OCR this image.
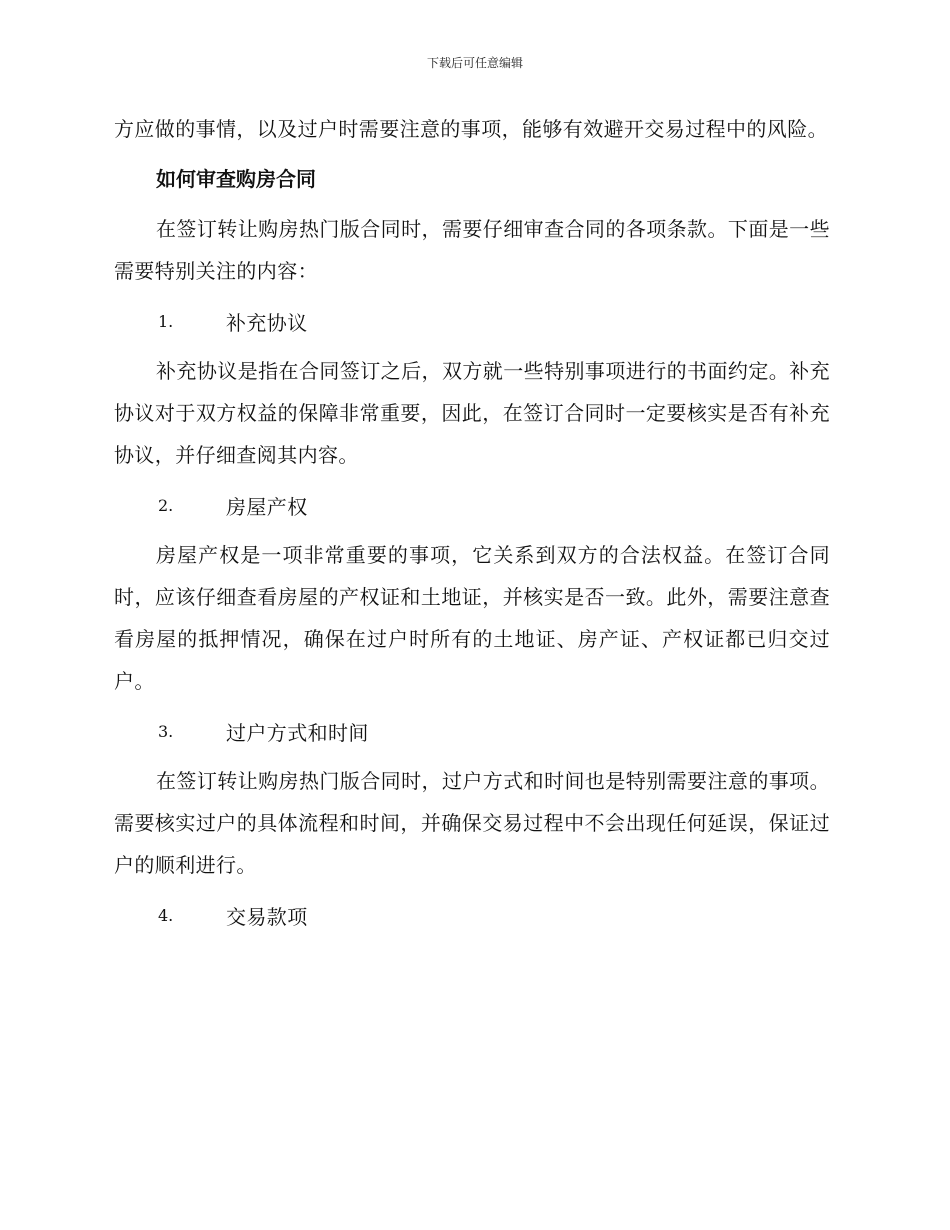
下载后可任意编辑

方应做的事情，以及过户时需要注意的事项，能够有效避开交易过程中的风险。

如何审查购房合同

在签订转让购房热门版合同时，需要仔细审查合同的各项条款。下面是一些需要特别关注的内容：

1.	补充协议

补充协议是指在合同签订之后，双方就一些特别事项进行的书面约定。补充协议对于双方权益的保障非常重要，因此，在签订合同时一定要核实是否有补充协议，并仔细查阅其内容。

2.	房屋产权

房屋产权是一项非常重要的事项，它关系到双方的合法权益。在签订合同时，应该仔细查看房屋的产权证和土地证，并核实是否一致。此外，需要注意查看房屋的抵押情况，确保在过户时所有的土地证、房产证、产权证都已归交过户。

3.	过户方式和时间

在签订转让购房热门版合同时，过户方式和时间也是特别需要注意的事项。需要核实过户的具体流程和时间，并确保交易过程中不会出现任何延误，保证过户的顺利进行。

4.	交易款项
